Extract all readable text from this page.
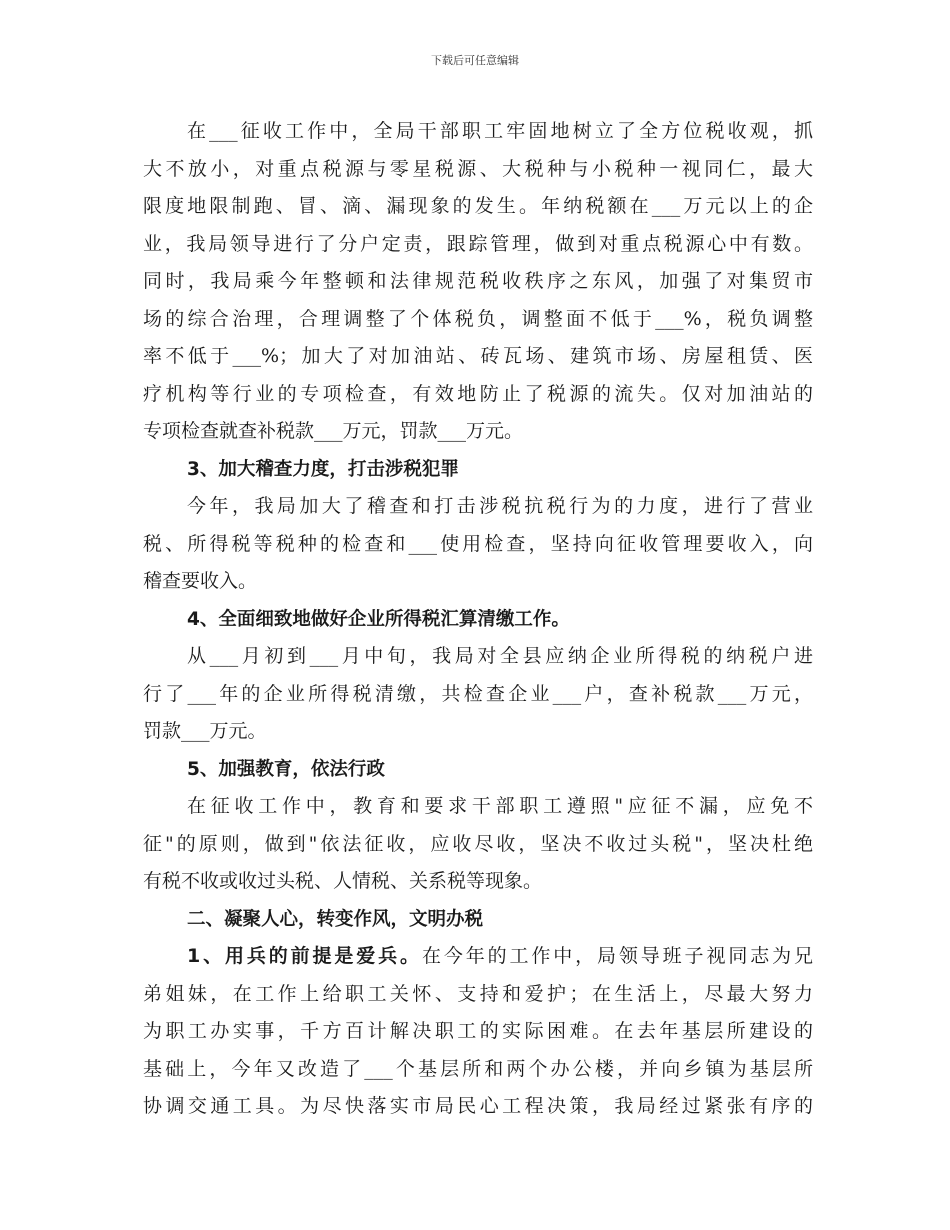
下载后可任意编辑
在___征收工作中，全局干部职工牢固地树立了全方位税收观，抓
大不放小，对重点税源与零星税源、大税种与小税种一视同仁，最大
限度地限制跑、冒、滴、漏现象的发生。年纳税额在___万元以上的企
业，我局领导进行了分户定责，跟踪管理，做到对重点税源心中有数。
同时，我局乘今年整顿和法律规范税收秩序之东风，加强了对集贸市
场的综合治理，合理调整了个体税负，调整面不低于___%，税负调整
率不低于___%；加大了对加油站、砖瓦场、建筑市场、房屋租赁、医
疗机构等行业的专项检查，有效地防止了税源的流失。仅对加油站的
专项检查就查补税款___万元，罚款___万元。
3、加大稽查力度，打击涉税犯罪
今年，我局加大了稽查和打击涉税抗税行为的力度，进行了营业
税、所得税等税种的检查和___使用检查，坚持向征收管理要收入，向
稽查要收入。
4、全面细致地做好企业所得税汇算清缴工作。
从___月初到___月中旬，我局对全县应纳企业所得税的纳税户进
行了___年的企业所得税清缴，共检查企业___户，查补税款___万元，
罚款___万元。
5、加强教育，依法行政
在征收工作中，教育和要求干部职工遵照"应征不漏，应免不
征"的原则，做到"依法征收，应收尽收，坚决不收过头税"，坚决杜绝
有税不收或收过头税、人情税、关系税等现象。
二、凝聚人心，转变作风，文明办税
1、用兵的前提是爱兵。在今年的工作中，局领导班子视同志为兄
弟姐妹，在工作上给职工关怀、支持和爱护；在生活上，尽最大努力
为职工办实事，千方百计解决职工的实际困难。在去年基层所建设的
基础上，今年又改造了___个基层所和两个办公楼，并向乡镇为基层所
协调交通工具。为尽快落实市局民心工程决策，我局经过紧张有序的
